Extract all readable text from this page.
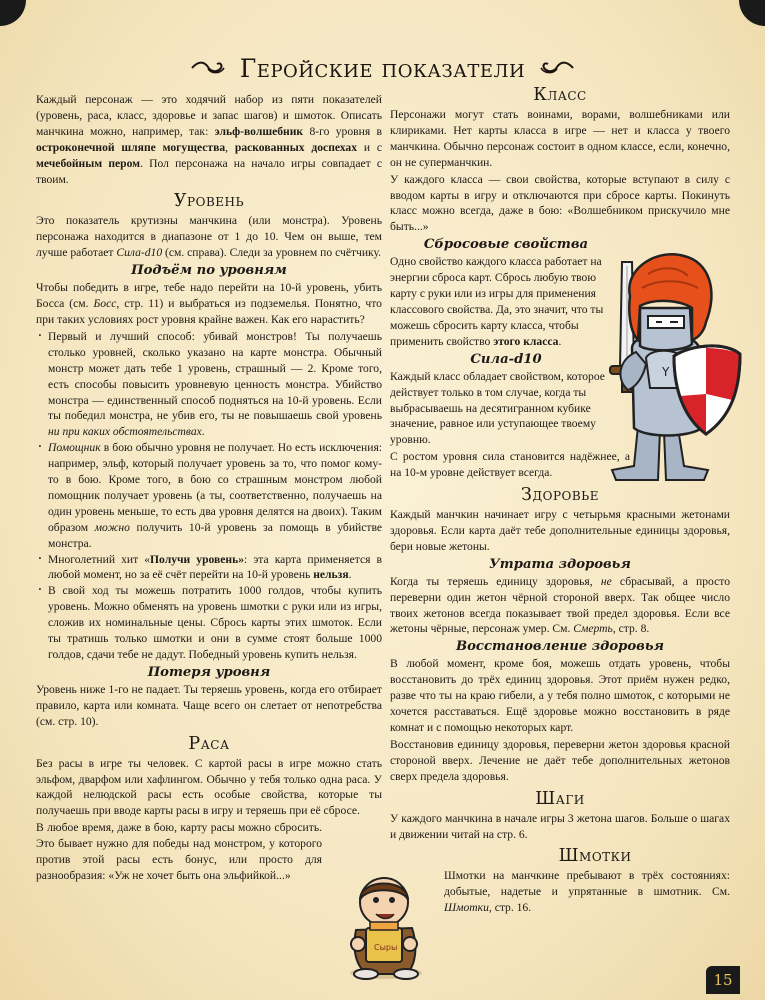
Геройские показатели

Каждый персонаж — это ходячий набор из пяти показателей (уровень, раса, класс, здоровье и запас шагов) и шмоток. Описать манчкина можно, например, так: эльф-волшебник 8-го уровня в остроконечной шляпе могущества, раскованных доспехах и с мечебойным пером. Пол персонажа на начало игры совпадает с твоим.

Уровень

Это показатель крутизны манчкина (или монстра). Уровень персонажа находится в диапазоне от 1 до 10. Чем он выше, тем лучше работает Сила-d10 (см. справа). Следи за уровнем по счётчику.

Подъём по уровням

Чтобы победить в игре, тебе надо перейти на 10-й уровень, убить Босса (см. Босс, стр. 11) и выбраться из подземелья. Понятно, что при таких условиях рост уровня крайне важен. Как его нарастить?

· Первый и лучший способ: убивай монстров! Ты получаешь столько уровней, сколько указано на карте монстра. Обычный монстр может дать тебе 1 уровень, страшный — 2. Кроме того, есть способы повысить уровневую ценность монстра. Убийство монстра — единственный способ подняться на 10-й уровень. Если ты победил монстра, не убив его, ты не повышаешь свой уровень ни при каких обстоятельствах.
· Помощник в бою обычно уровня не получает. Но есть исключения: например, эльф, который получает уровень за то, что помог кому-то в бою. Кроме того, в бою со страшным монстром любой помощник получает уровень (а ты, соответственно, получаешь на один уровень меньше, то есть два уровня делятся на двоих). Таким образом можно получить 10-й уровень за помощь в убийстве монстра.
· Многолетний хит «Получи уровень»: эта карта применяется в любой момент, но за её счёт перейти на 10-й уровень нельзя.
· В свой ход ты можешь потратить 1000 голдов, чтобы купить уровень. Можно обменять на уровень шмотки с руки или из игры, сложив их номинальные цены. Сбрось карты этих шмоток. Если ты тратишь только шмотки и они в сумме стоят больше 1000 голдов, сдачи тебе не дадут. Победный уровень купить нельзя.
Потеря уровня

Уровень ниже 1-го не падает. Ты теряешь уровень, когда его отбирает правило, карта или комната. Чаще всего он слетает от непотребства (см. стр. 10).

Раса

Без расы в игре ты человек. С картой расы в игре можно стать эльфом, дварфом или хафлингом. Обычно у тебя только одна раса. У каждой нелюдской расы есть особые свойства, которые ты получаешь при вводе карты расы в игру и теряешь при её сбросе.

В любое время, даже в бою, карту расы можно сбросить. Это бывает нужно для победы над монстром, у которого против этой расы есть бонус, или просто для разнообразия: «Уж не хочет быть она эльфийкой...»

Класс

Персонажи могут стать воинами, ворами, волшебниками или клириками. Нет карты класса в игре — нет и класса у твоего манчкина. Обычно персонаж состоит в одном классе, если, конечно, он не суперманчкин.

У каждого класса — свои свойства, которые вступают в силу с вводом карты в игру и отключаются при сбросе карты. Покинуть класс можно всегда, даже в бою: «Волшебником прискучило мне быть...»

Сбросовые свойства

Одно свойство каждого класса работает на энергии сброса карт. Сбрось любую твою карту с руки или из игры для применения классового свойства. Да, это значит, что ты можешь сбросить карту класса, чтобы применить свойство этого класса.

Сила-d10

Каждый класс обладает свойством, которое действует только в том случае, когда ты выбрасываешь на десятигранном кубике значение, равное или уступающее твоему уровню.

С ростом уровня сила становится надёжнее, а на 10-м уровне действует всегда.

Здоровье

Каждый манчкин начинает игру с четырьмя красными жетонами здоровья. Если карта даёт тебе дополнительные единицы здоровья, бери новые жетоны.

Утрата здоровья

Когда ты теряешь единицу здоровья, не сбрасывай, а просто переверни один жетон чёрной стороной вверх. Так общее число твоих жетонов всегда показывает твой предел здоровья. Если все жетоны чёрные, персонаж умер. См. Смерть, стр. 8.

Восстановление здоровья

В любой момент, кроме боя, можешь отдать уровень, чтобы восстановить до трёх единиц здоровья. Этот приём нужен редко, разве что ты на краю гибели, а у тебя полно шмоток, с которыми не хочется расставаться. Ещё здоровье можно восстановить в ряде комнат и с помощью некоторых карт.

Восстановив единицу здоровья, переверни жетон здоровья красной стороной вверх. Лечение не даёт тебе дополнительных жетонов сверх предела здоровья.

Шаги

У каждого манчкина в начале игры 3 жетона шагов. Больше о шагах и движении читай на стр. 6.

Шмотки

Шмотки на манчкине пребывают в трёх состояниях: добытые, надетые и упрятанные в шмотник. См. Шмотки, стр. 16.

Y
Сыры
15
